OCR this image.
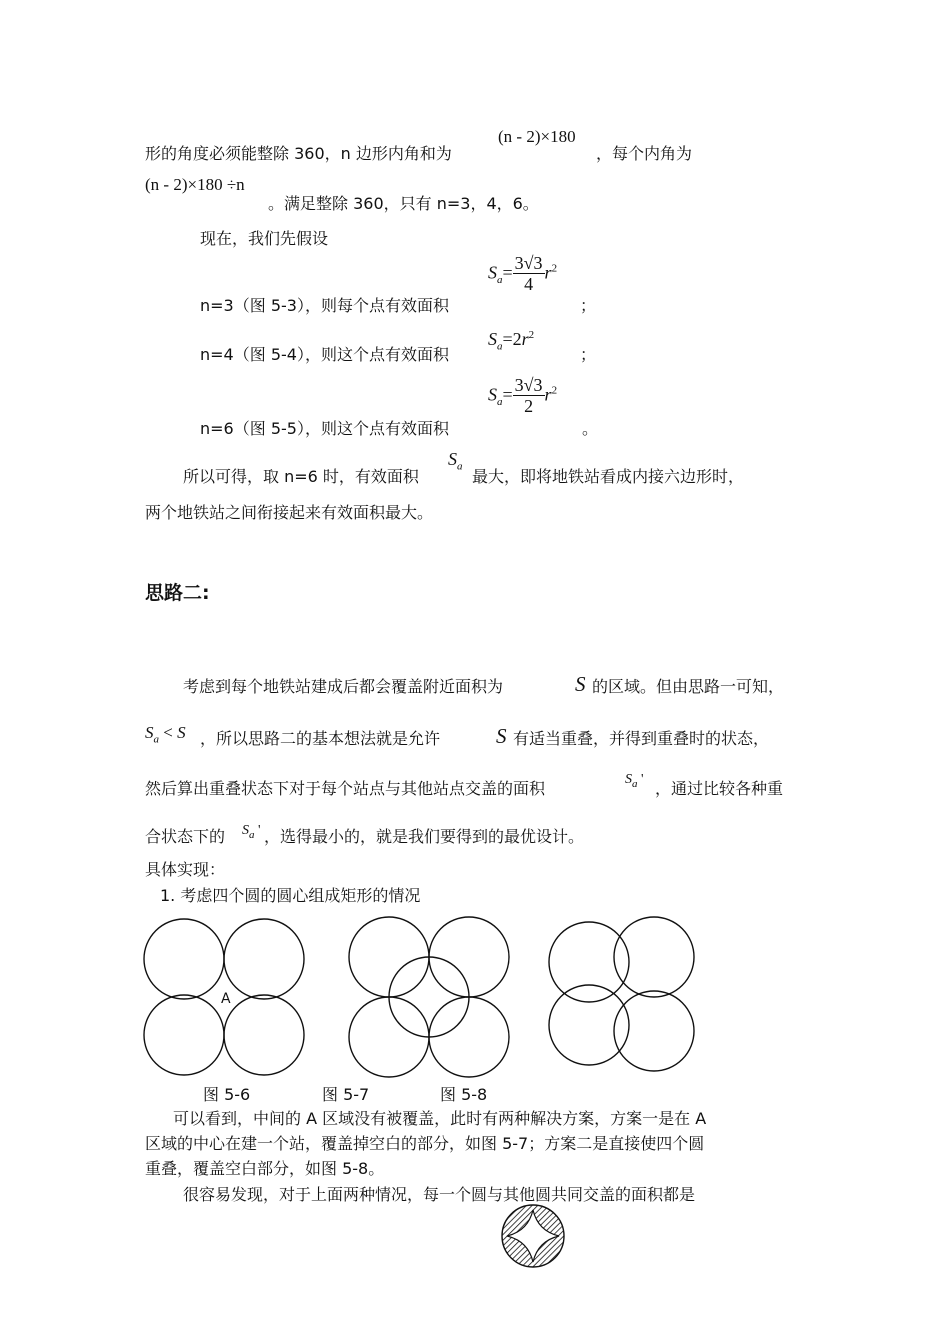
形的角度必须能整除 360，n 边形内角和为
(n - 2)×180
，每个内角为
(n - 2)×180 ÷n
。满足整除 360，只有 n=3，4，6。
现在，我们先假设
n=3（图 5-3），则每个点有效面积
$S_a= \frac{3√3}{4} r^2$
；
n=4（图 5-4），则这个点有效面积
$S_a=2r^2$
；
n=6（图 5-5），则这个点有效面积
$S_a= \frac{3√3}{2} r^2$
。
所以可得，取 n=6 时，有效面积
$S_a$
最大，即将地铁站看成内接六边形时，
两个地铁站之间衔接起来有效面积最大。
思路二:
考虑到每个地铁站建成后都会覆盖附近面积为	S 的区域。但由思路一可知，
$S_a < S$ ，所以思路二的基本想法就是允许	S 有适当重叠，并得到重叠时的状态，
然后算出重叠状态下对于每个站点与其他站点交盖的面积	$S_a$ ' ，通过比较各种重
合状态下的 $S_a$ ' ，选得最小的，就是我们要得到的最优设计。
具体实现：
1. 考虑四个圆的圆心组成矩形的情况
A
图 5-6	图 5-7	图 5-8
可以看到，中间的 A 区域没有被覆盖，此时有两种解决方案，方案一是在 A
区域的中心在建一个站，覆盖掉空白的部分，如图 5-7；方案二是直接使四个圆
重叠，覆盖空白部分，如图 5-8。
很容易发现，对于上面两种情况，每一个圆与其他圆共同交盖的面积都是
